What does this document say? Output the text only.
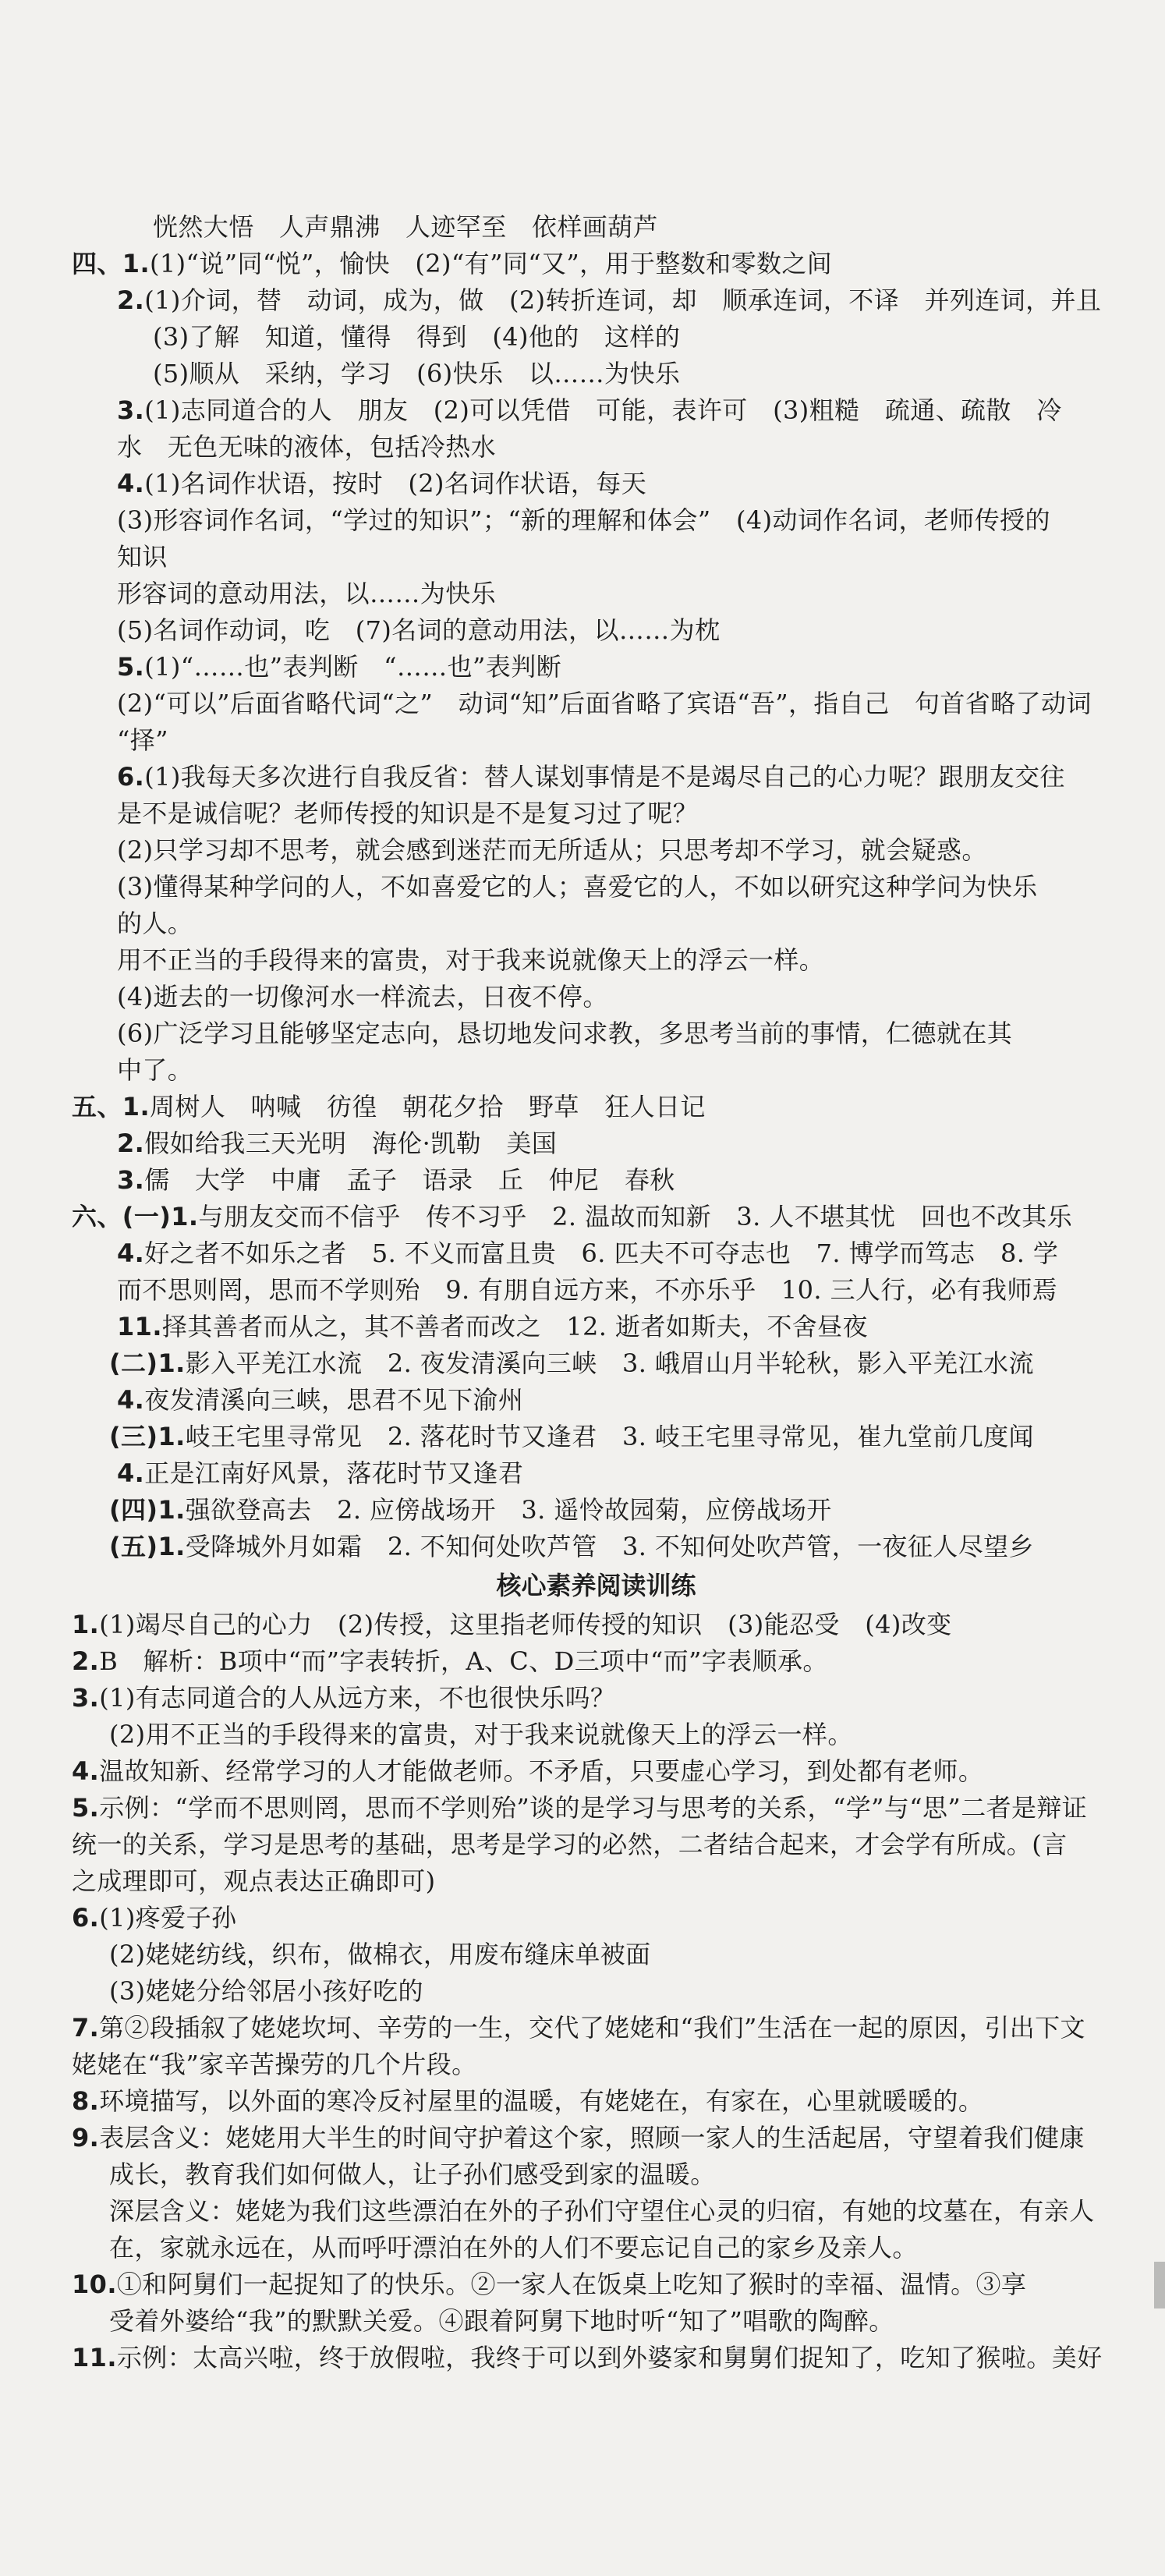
恍然大悟　人声鼎沸　人迹罕至　依样画葫芦

四、1.(1)“说”同“悦”，愉快　(2)“有”同“又”，用于整数和零数之间

2.(1)介词，替　动词，成为，做　(2)转折连词，却　顺承连词，不译　并列连词，并且

(3)了解　知道，懂得　得到　(4)他的　这样的

(5)顺从　采纳，学习　(6)快乐　以……为快乐

3.(1)志同道合的人　朋友　(2)可以凭借　可能，表许可　(3)粗糙　疏通、疏散　冷

水　无色无味的液体，包括冷热水

4.(1)名词作状语，按时　(2)名词作状语，每天

(3)形容词作名词，“学过的知识”；“新的理解和体会”　(4)动词作名词，老师传授的

知识

形容词的意动用法，以……为快乐

(5)名词作动词，吃　(7)名词的意动用法，以……为枕

5.(1)“……也”表判断　“……也”表判断

(2)“可以”后面省略代词“之”　动词“知”后面省略了宾语“吾”，指自己　句首省略了动词

“择”

6.(1)我每天多次进行自我反省：替人谋划事情是不是竭尽自己的心力呢？跟朋友交往

是不是诚信呢？老师传授的知识是不是复习过了呢？

(2)只学习却不思考，就会感到迷茫而无所适从；只思考却不学习，就会疑惑。

(3)懂得某种学问的人，不如喜爱它的人；喜爱它的人，不如以研究这种学问为快乐

的人。

用不正当的手段得来的富贵，对于我来说就像天上的浮云一样。

(4)逝去的一切像河水一样流去，日夜不停。

(6)广泛学习且能够坚定志向，恳切地发问求教，多思考当前的事情，仁德就在其

中了。

五、1.周树人　呐喊　彷徨　朝花夕拾　野草　狂人日记

2.假如给我三天光明　海伦·凯勒　美国

3.儒　大学　中庸　孟子　语录　丘　仲尼　春秋

六、(一)1.与朋友交而不信乎　传不习乎　2. 温故而知新　3. 人不堪其忧　回也不改其乐

4.好之者不如乐之者　5. 不义而富且贵　6. 匹夫不可夺志也　7. 博学而笃志　8. 学

而不思则罔，思而不学则殆　9. 有朋自远方来，不亦乐乎　10. 三人行，必有我师焉

11.择其善者而从之，其不善者而改之　12. 逝者如斯夫，不舍昼夜

(二)1.影入平羌江水流　2. 夜发清溪向三峡　3. 峨眉山月半轮秋，影入平羌江水流

4.夜发清溪向三峡，思君不见下渝州

(三)1.岐王宅里寻常见　2. 落花时节又逢君　3. 岐王宅里寻常见，崔九堂前几度闻

4.正是江南好风景，落花时节又逢君

(四)1.强欲登高去　2. 应傍战场开　3. 遥怜故园菊，应傍战场开

(五)1.受降城外月如霜　2. 不知何处吹芦管　3. 不知何处吹芦管，一夜征人尽望乡

核心素养阅读训练

1.(1)竭尽自己的心力　(2)传授，这里指老师传授的知识　(3)能忍受　(4)改变

2.B　解析：B项中“而”字表转折，A、C、D三项中“而”字表顺承。

3.(1)有志同道合的人从远方来，不也很快乐吗？

(2)用不正当的手段得来的富贵，对于我来说就像天上的浮云一样。

4.温故知新、经常学习的人才能做老师。不矛盾，只要虚心学习，到处都有老师。

5.示例：“学而不思则罔，思而不学则殆”谈的是学习与思考的关系，“学”与“思”二者是辩证

统一的关系，学习是思考的基础，思考是学习的必然，二者结合起来，才会学有所成。(言

之成理即可，观点表达正确即可)

6.(1)疼爱子孙

(2)姥姥纺线，织布，做棉衣，用废布缝床单被面

(3)姥姥分给邻居小孩好吃的

7.第②段插叙了姥姥坎坷、辛劳的一生，交代了姥姥和“我们”生活在一起的原因，引出下文

姥姥在“我”家辛苦操劳的几个片段。

8.环境描写，以外面的寒冷反衬屋里的温暖，有姥姥在，有家在，心里就暖暖的。

9.表层含义：姥姥用大半生的时间守护着这个家，照顾一家人的生活起居，守望着我们健康

成长，教育我们如何做人，让子孙们感受到家的温暖。

深层含义：姥姥为我们这些漂泊在外的子孙们守望住心灵的归宿，有她的坟墓在，有亲人

在，家就永远在，从而呼吁漂泊在外的人们不要忘记自己的家乡及亲人。

10.①和阿舅们一起捉知了的快乐。②一家人在饭桌上吃知了猴时的幸福、温情。③享

受着外婆给“我”的默默关爱。④跟着阿舅下地时听“知了”唱歌的陶醉。

11.示例：太高兴啦，终于放假啦，我终于可以到外婆家和舅舅们捉知了，吃知了猴啦。美好
